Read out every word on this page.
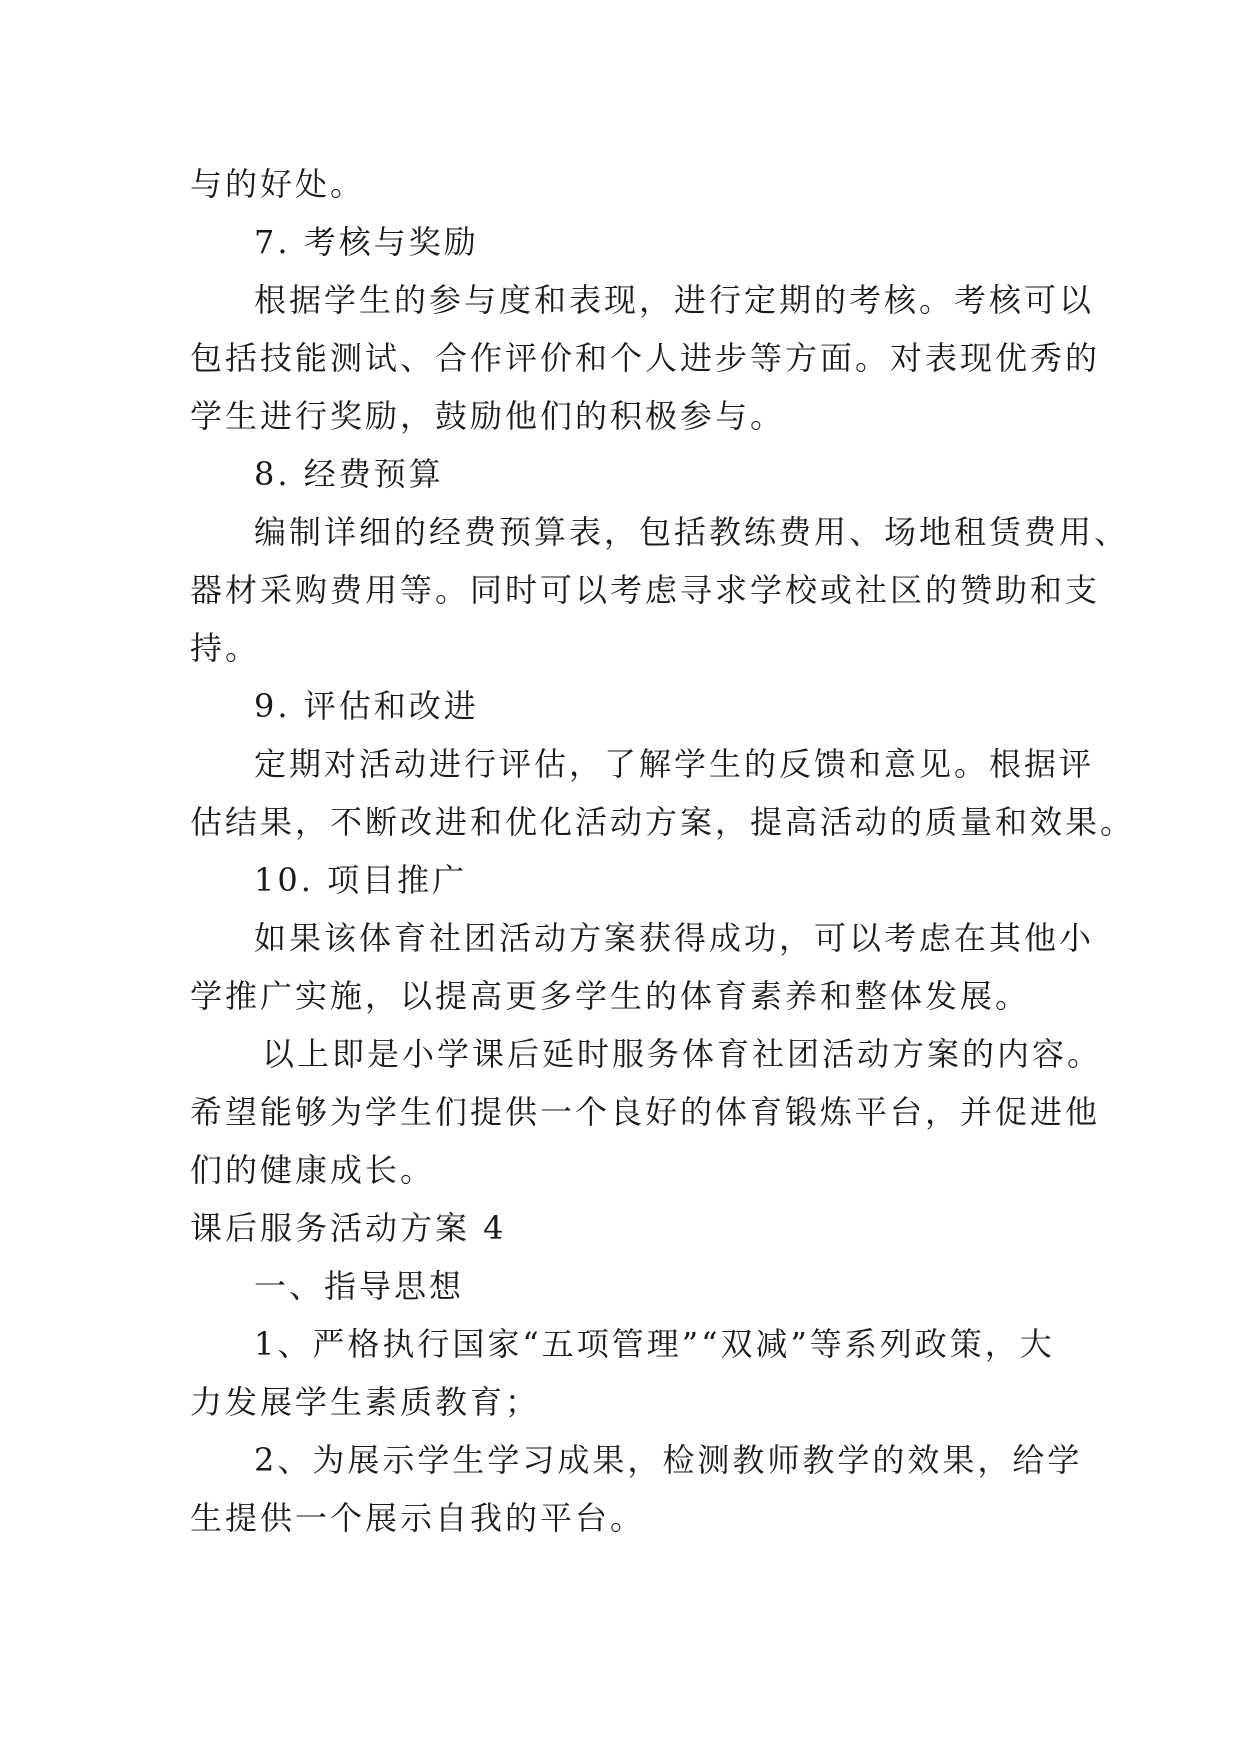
与的好处。
7. 考核与奖励
根据学生的参与度和表现，进行定期的考核。考核可以
包括技能测试、合作评价和个人进步等方面。对表现优秀的
学生进行奖励，鼓励他们的积极参与。
8. 经费预算
编制详细的经费预算表，包括教练费用、场地租赁费用、
器材采购费用等。同时可以考虑寻求学校或社区的赞助和支
持。
9. 评估和改进
定期对活动进行评估，了解学生的反馈和意见。根据评
估结果，不断改进和优化活动方案，提高活动的质量和效果。
10. 项目推广
如果该体育社团活动方案获得成功，可以考虑在其他小
学推广实施，以提高更多学生的体育素养和整体发展。
以上即是小学课后延时服务体育社团活动方案的内容。
希望能够为学生们提供一个良好的体育锻炼平台，并促进他
们的健康成长。
课后服务活动方案 4
一、指导思想
1、严格执行国家“五项管理”“双减”等系列政策，大
力发展学生素质教育；
2、为展示学生学习成果，检测教师教学的效果，给学
生提供一个展示自我的平台。
